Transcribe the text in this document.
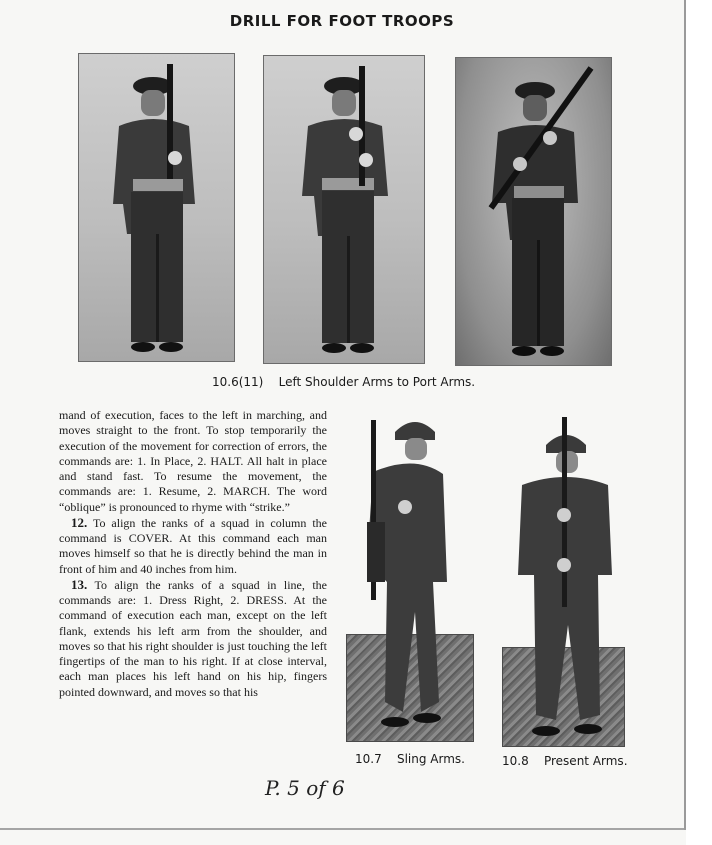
DRILL FOR FOOT TROOPS
10.6(11)    Left Shoulder Arms to Port Arms.

mand of execution, faces to the left in marching, and moves straight to the front. To stop temporarily the execution of the movement for correction of errors, the commands are: 1. In Place, 2. HALT. All halt in place and stand fast. To resume the movement, the commands are: 1. Resume, 2. MARCH. The word “oblique” is pronounced to rhyme with “strike.”

12. To align the ranks of a squad in column the command is COVER. At this command each man moves himself so that he is directly behind the man in front of him and 40 inches from him.

13. To align the ranks of a squad in line, the commands are: 1. Dress Right, 2. DRESS. At the command of execution each man, except on the left flank, extends his left arm from the shoulder, and moves so that his right shoulder is just touching the left fingertips of the man to his right. If at close interval, each man places his left hand on his hip, fingers pointed downward, and moves so that his

10.7    Sling Arms.	10.8    Present Arms.
P. 5 of 6
